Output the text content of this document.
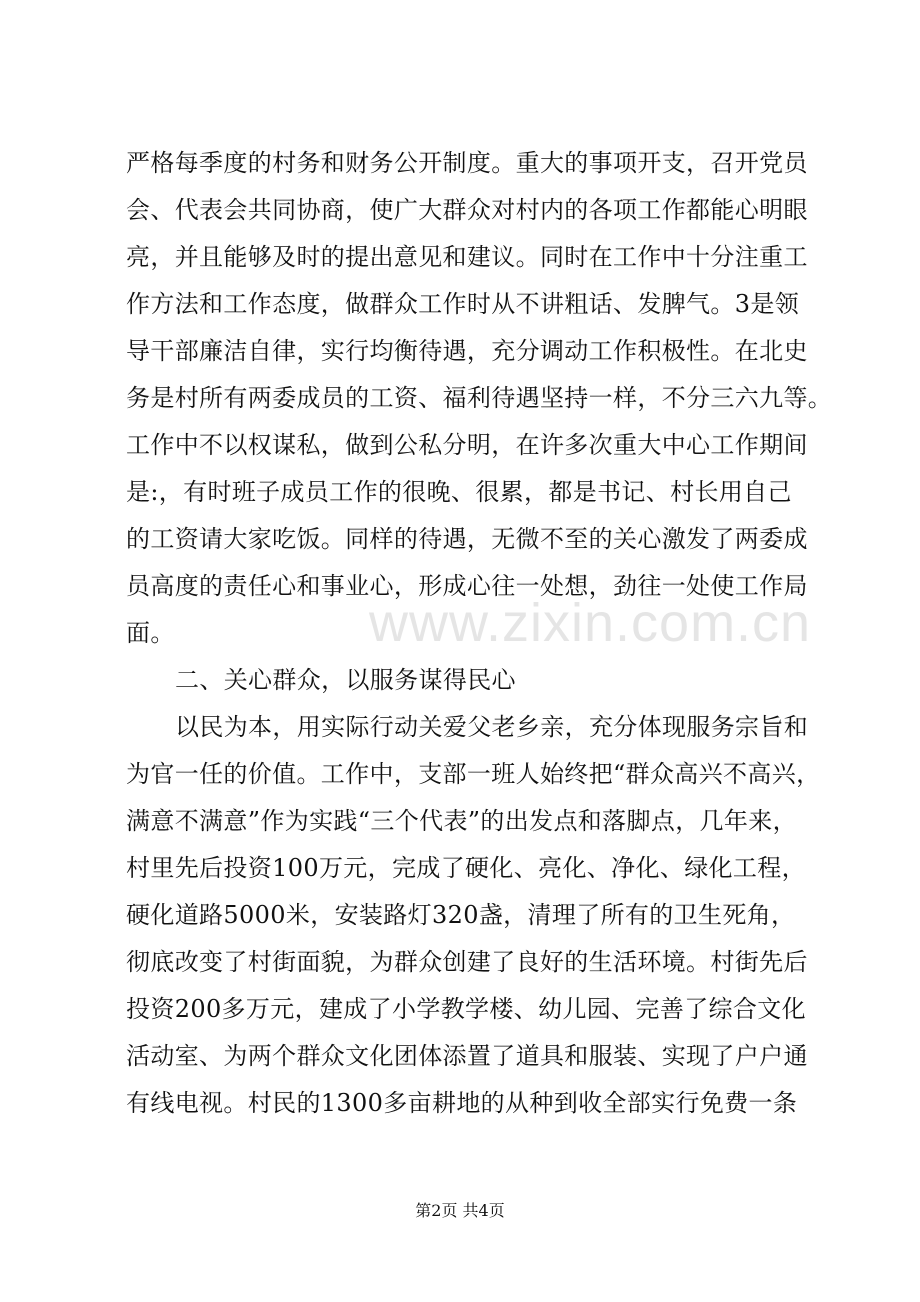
严格每季度的村务和财务公开制度。重大的事项开支，召开党员
会、代表会共同协商，使广大群众对村内的各项工作都能心明眼
亮，并且能够及时的提出意见和建议。同时在工作中十分注重工
作方法和工作态度，做群众工作时从不讲粗话、发脾气。3是领
导干部廉洁自律，实行均衡待遇，充分调动工作积极性。在北史
务是村所有两委成员的工资、福利待遇坚持一样，不分三六九等。
工作中不以权谋私，做到公私分明，在许多次重大中心工作期间
是:，有时班子成员工作的很晚、很累，都是书记、村长用自己
的工资请大家吃饭。同样的待遇，无微不至的关心激发了两委成
员高度的责任心和事业心，形成心往一处想，劲往一处使工作局
面。
二、关心群众，以服务谋得民心
以民为本，用实际行动关爱父老乡亲，充分体现服务宗旨和
为官一任的价值。工作中，支部一班人始终把“群众高兴不高兴，
满意不满意”作为实践“三个代表”的出发点和落脚点，几年来，
村里先后投资100万元，完成了硬化、亮化、净化、绿化工程，
硬化道路5000米，安装路灯320盏，清理了所有的卫生死角，
彻底改变了村街面貌，为群众创建了良好的生活环境。村街先后
投资200多万元，建成了小学教学楼、幼儿园、完善了综合文化
活动室、为两个群众文化团体添置了道具和服装、实现了户户通
有线电视。村民的1300多亩耕地的从种到收全部实行免费一条
www.zixin.com.cn
第2页 共4页
